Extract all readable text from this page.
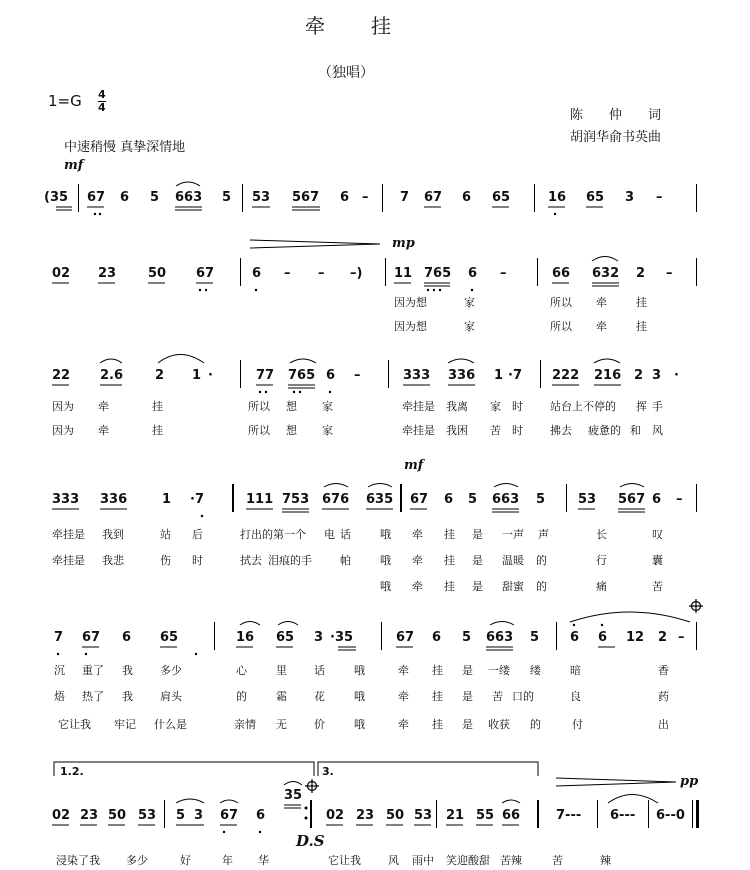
牵　　挂
（独唱）
1=G 4
4
中速稍慢 真挚深情地
陈　　仲　　词
胡润华俞书英曲
mf
mp
mf
pp
D.S
(35 67 6 5 663 5 53 567 6 – 7 67 6 65	16 65 3 –
02 23 50 67	6 – – –) 11 765 6 –	66 632 2 –
因为想	家	所以 牵	挂
因为想	家	所以 牵	挂
22 2.6 2 1 ·	77 765 6 –	333 336 1 ·7 222 216 2 3 ·
因为 牵	挂	所以 想 家	牵挂是 我离 家 时 站台上不停的 挥 手
因为 牵	挂	所以 想 家	牵挂是 我困 苦 时 拂去 疲惫的 和 风
333 336	1 ·7	111 753 676 635 67 6 5 663 5	53 567 6 –
牵挂是 我到	站 后	打出的第一个 电 话	哦 牵 挂 是 一声 声	长	叹
牵挂是 我悲	伤 时	拭去 泪痕的手	帕	哦 牵 挂 是 温暖 的	行	囊
哦 牵 挂 是 甜蜜 的	痛	苦
7 67 6 65	16 65 3 ·35	67 6 5 663 5 6 6 12 2 –
沉 重了 我 多少	心	里 话	哦	牵 挂 是 一缕 缕	暗	香
焐 热了 我 肩头	的	霜 花	哦	牵 挂 是 苦 口的	良	药
它让我 牢记 什么是	亲情 无 价	哦	牵 挂 是 收获 的	付	出
1.2.	3.
02 23 50 53 5 3 67 6
35
02 23 50 53 21 55 66	7--- 6--- 6--0
浸染了我 多少	好	年 华	它让我 风 雨中 笑迎酸甜 苦辣	苦	辣
